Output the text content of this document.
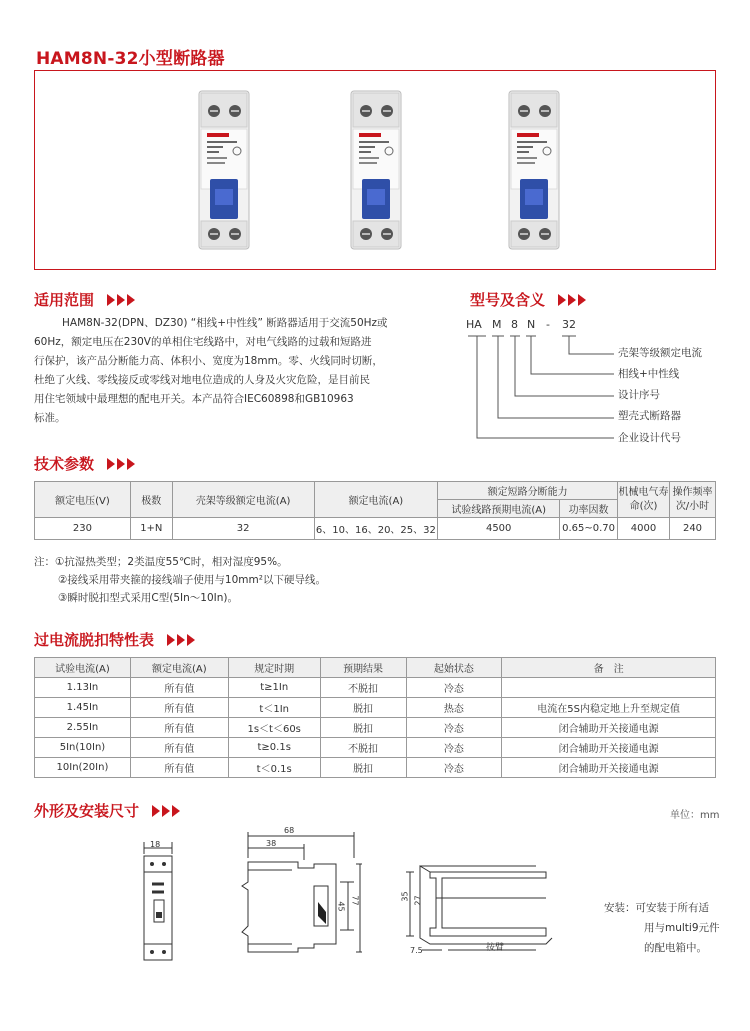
HAM8N-32小型断路器
适用范围
HAM8N-32(DPN、DZ30) “相线+中性线” 断路器适用于交流50Hz或
60Hz，额定电压在230V的单相住宅线路中，对电气线路的过载和短路进
行保护，该产品分断能力高、体积小、宽度为18mm。零、火线同时切断，
杜绝了火线、零线接反或零线对地电位造成的人身及火灾危险，是目前民
用住宅领域中最理想的配电开关。本产品符合IEC60898和GB10963
标准。
型号及含义
HA M 8 N - 32
壳架等级额定电流
相线+中性线
设计序号
塑壳式断路器
企业设计代号
技术参数
额定电压(V)	极数	壳架等级额定电流(A)	额定电流(A)	额定短路分断能力		机械电气寿命(次)	操作频率次/小时
				试验线路预期电流(A)	功率因数		
230	1+N	32	6、10、16、20、25、32	4500	0.65~0.70	4000	240
注：①抗湿热类型；2类温度55℃时，相对湿度95%。
②接线采用带夹箍的接线端子使用与10mm²以下硬导线。
③瞬时脱扣型式采用C型(5In～10In)。
过电流脱扣特性表
试验电流(A)	额定电流(A)	规定时期	预期结果	起始状态	备　注
1.13In	所有值	t≥1In	不脱扣	冷态	
1.45In	所有值	t＜1In	脱扣	热态	电流在5S内稳定地上升至规定值
2.55In	所有值	1s＜t＜60s	脱扣	冷态	闭合辅助开关接通电源
5In(10In)	所有值	t≥0.1s	不脱扣	冷态	闭合辅助开关接通电源
10In(20In)	所有值	t＜0.1s	脱扣	冷态	闭合辅助开关接通电源
外形及安装尺寸	单位：mm
18
68
38
45
77	35 27
7.5	按臂
安装：可安装于所有适
用与multi9元件
的配电箱中。
